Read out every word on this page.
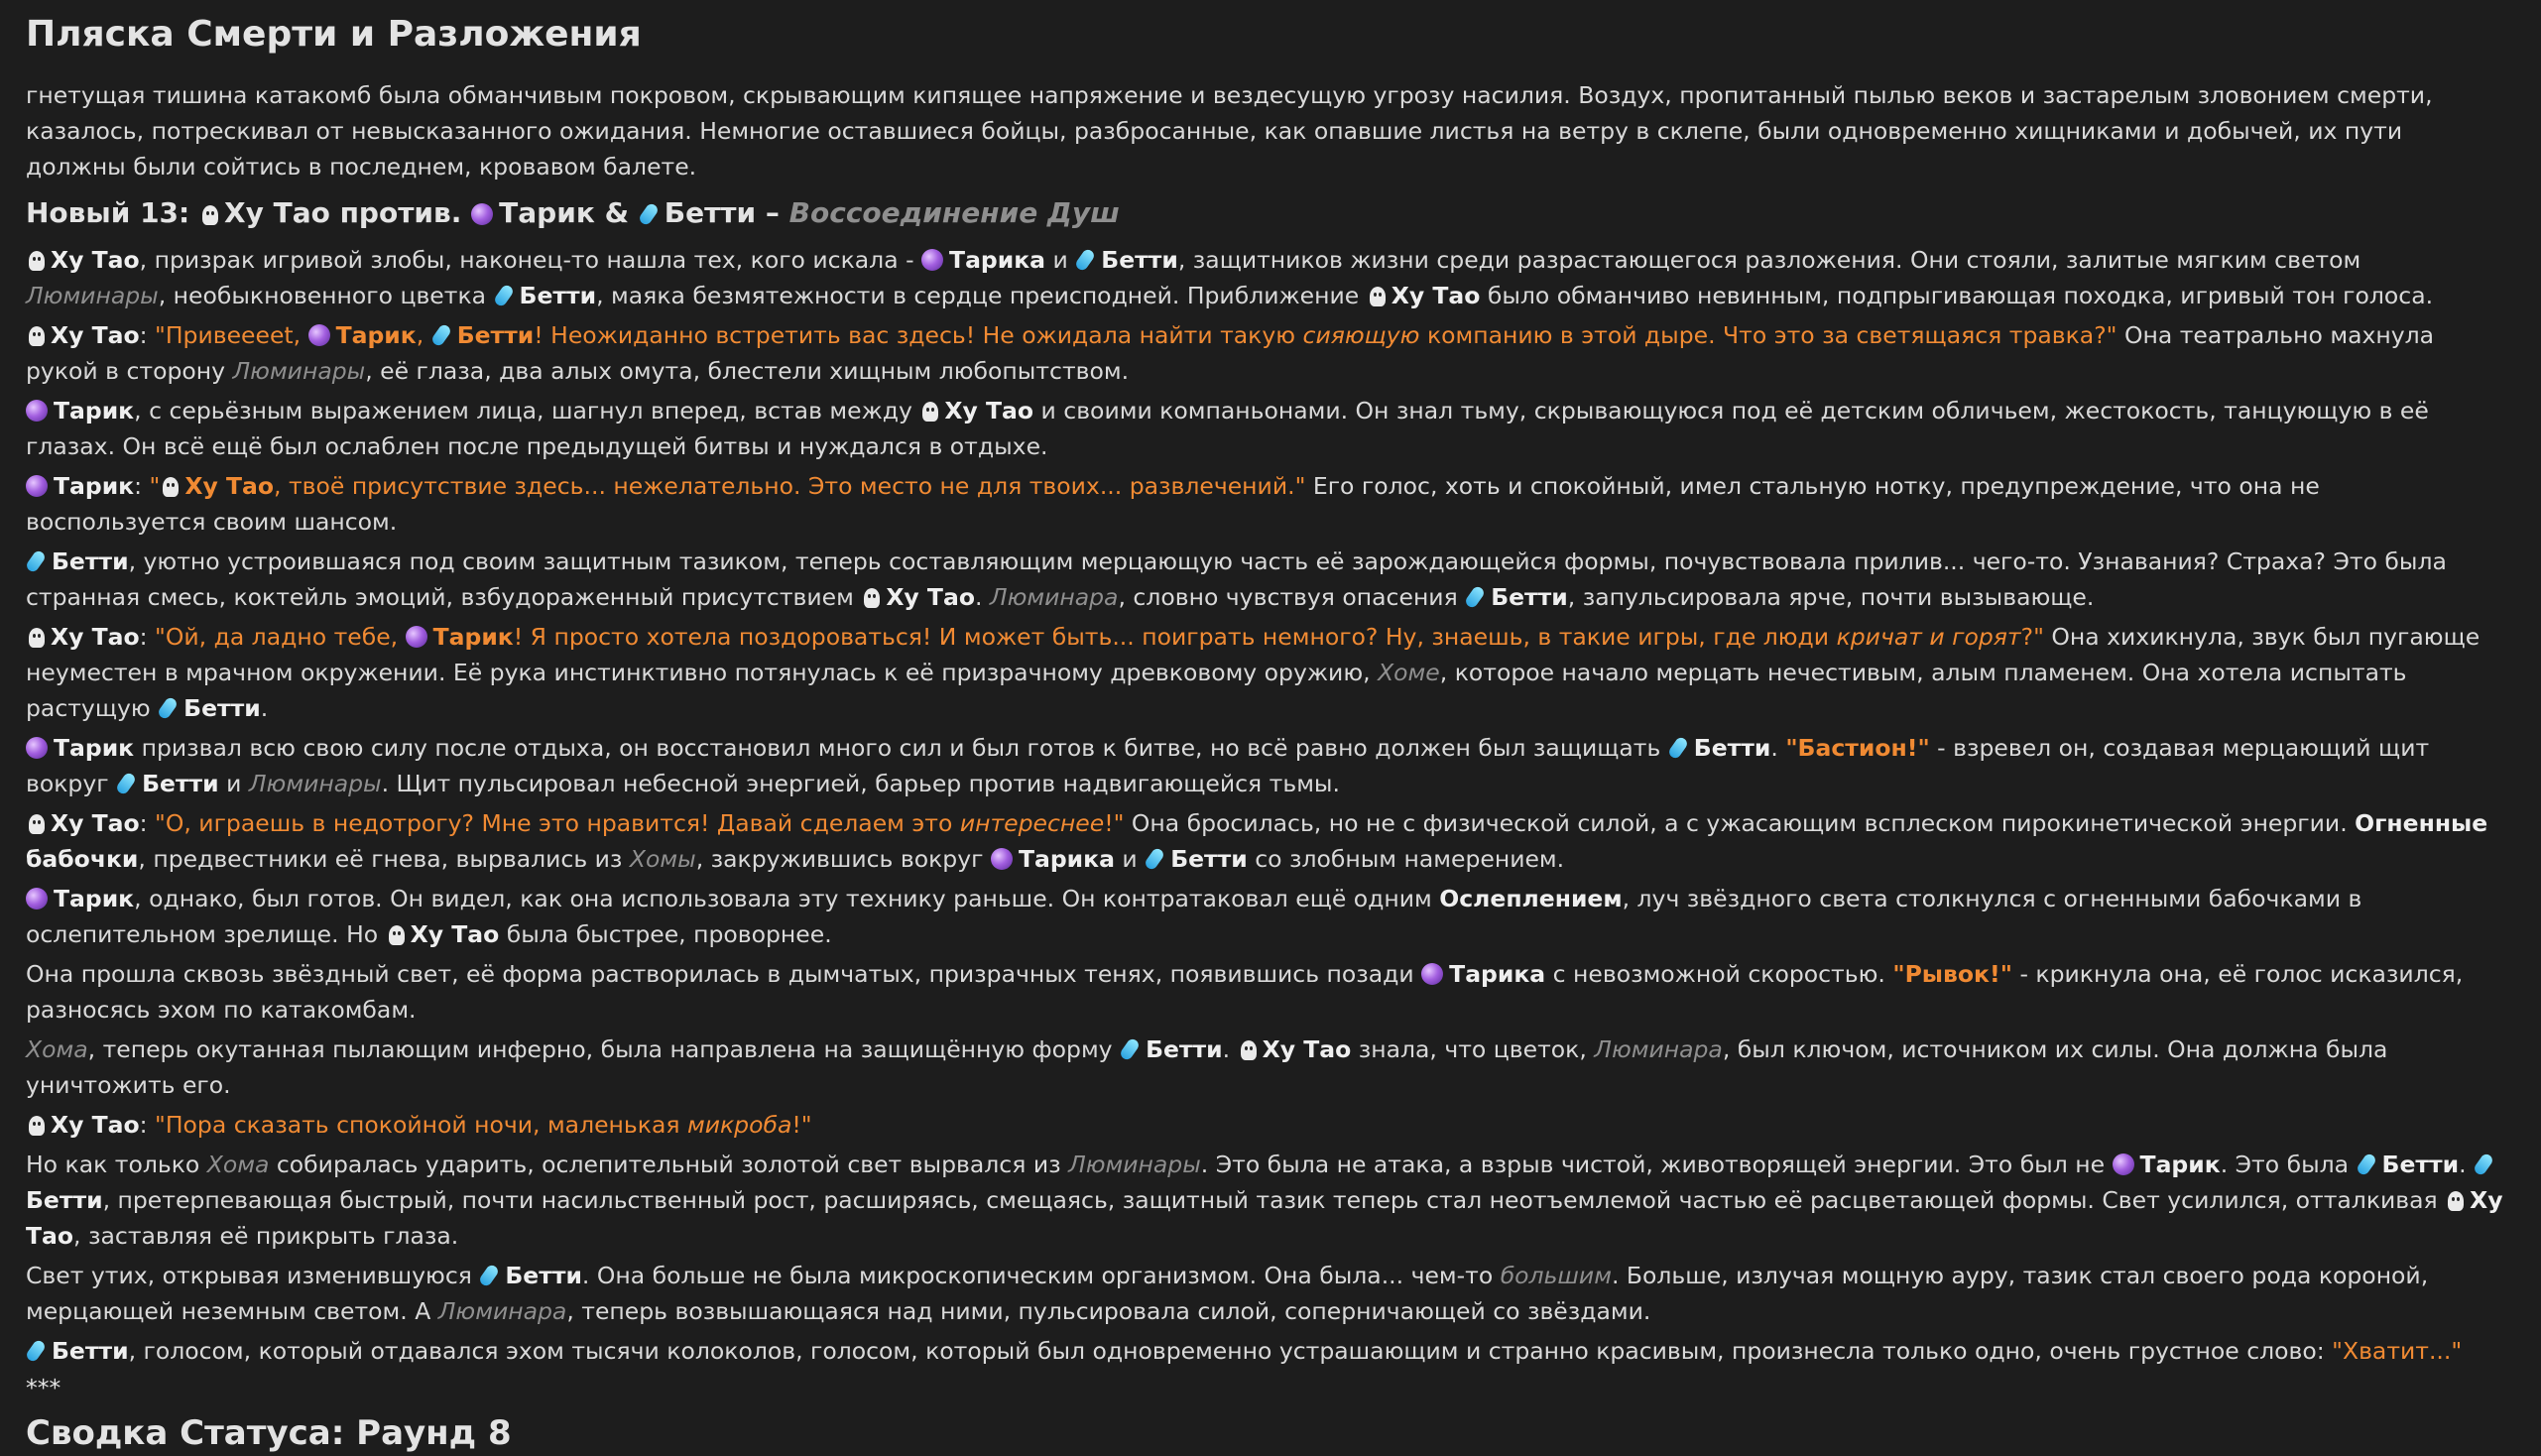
Пляска Смерти и Разложения

гнетущая тишина катакомб была обманчивым покровом, скрывающим кипящее напряжение и вездесущую угрозу насилия. Воздух, пропитанный пылью веков и застарелым зловонием смерти, казалось, потрескивал от невысказанного ожидания. Немногие оставшиеся бойцы, разбросанные, как опавшие листья на ветру в склепе, были одновременно хищниками и добычей, их пути должны были сойтись в последнем, кровавом балете.

Новый 13: Ху Тао против. Тарик & Бетти – Воссоединение Душ

Ху Тао, призрак игривой злобы, наконец-то нашла тех, кого искала - Тарика и Бетти, защитников жизни среди разрастающегося разложения. Они стояли, залитые мягким светом Люминары, необыкновенного цветка Бетти, маяка безмятежности в сердце преисподней. Приближение Ху Тао было обманчиво невинным, подпрыгивающая походка, игривый тон голоса.

Ху Тао: "Привееeet, Тарик, Бетти! Неожиданно встретить вас здесь! Не ожидала найти такую сияющую компанию в этой дыре. Что это за светящаяся травка?" Она театрально махнула рукой в сторону Люминары, её глаза, два алых омута, блестели хищным любопытством.

Тарик, с серьёзным выражением лица, шагнул вперед, встав между Ху Тао и своими компаньонами. Он знал тьму, скрывающуюся под её детским обличьем, жестокость, танцующую в её глазах. Он всё ещё был ослаблен после предыдущей битвы и нуждался в отдыхе.

Тарик: " Ху Тао, твоё присутствие здесь... нежелательно. Это место не для твоих... развлечений." Его голос, хоть и спокойный, имел стальную нотку, предупреждение, что она не воспользуется своим шансом.

Бетти, уютно устроившаяся под своим защитным тазиком, теперь составляющим мерцающую часть её зарождающейся формы, почувствовала прилив... чего-то. Узнавания? Страха? Это была странная смесь, коктейль эмоций, взбудораженный присутствием Ху Тао. Люминара, словно чувствуя опасения Бетти, запульсировала ярче, почти вызывающе.

Ху Тао: "Ой, да ладно тебе, Тарик! Я просто хотела поздороваться! И может быть... поиграть немного? Ну, знаешь, в такие игры, где люди кричат и горят?" Она хихикнула, звук был пугающе неуместен в мрачном окружении. Её рука инстинктивно потянулась к её призрачному древковому оружию, Хоме, которое начало мерцать нечестивым, алым пламенем. Она хотела испытать растущую Бетти.

Тарик призвал всю свою силу после отдыха, он восстановил много сил и был готов к битве, но всё равно должен был защищать Бетти. "Бастион!" - взревел он, создавая мерцающий щит вокруг Бетти и Люминары. Щит пульсировал небесной энергией, барьер против надвигающейся тьмы.

Ху Тао: "О, играешь в недотрогу? Мне это нравится! Давай сделаем это интереснее!" Она бросилась, но не с физической силой, а с ужасающим всплеском пирокинетической энергии. Огненные бабочки, предвестники её гнева, вырвались из Хомы, закружившись вокруг Тарика и Бетти со злобным намерением.

Тарик, однако, был готов. Он видел, как она использовала эту технику раньше. Он контратаковал ещё одним Ослеплением, луч звёздного света столкнулся с огненными бабочками в ослепительном зрелище. Но Ху Тао была быстрее, проворнее.

Она прошла сквозь звёздный свет, её форма растворилась в дымчатых, призрачных тенях, появившись позади Тарика с невозможной скоростью. "Рывок!" - крикнула она, её голос исказился, разносясь эхом по катакомбам.

Хома, теперь окутанная пылающим инферно, была направлена на защищённую форму Бетти. Ху Тао знала, что цветок, Люминара, был ключом, источником их силы. Она должна была уничтожить его.

Ху Тао: "Пора сказать спокойной ночи, маленькая микроба!"

Но как только Хома собиралась ударить, ослепительный золотой свет вырвался из Люминары. Это была не атака, а взрыв чистой, животворящей энергии. Это был не Тарик. Это была Бетти. Бетти, претерпевающая быстрый, почти насильственный рост, расширяясь, смещаясь, защитный тазик теперь стал неотъемлемой частью её расцветающей формы. Свет усилился, отталкивая Ху Тао, заставляя её прикрыть глаза.

Свет утих, открывая изменившуюся Бетти. Она больше не была микроскопическим организмом. Она была... чем-то большим. Больше, излучая мощную ауру, тазик стал своего рода короной, мерцающей неземным светом. А Люминара, теперь возвышающаяся над ними, пульсировала силой, соперничающей со звёздами.

Бетти, голосом, который отдавался эхом тысячи колоколов, голосом, который был одновременно устрашающим и странно красивым, произнесла только одно, очень грустное слово: "Хватит..."

***

Сводка Статуса: Раунд 8
